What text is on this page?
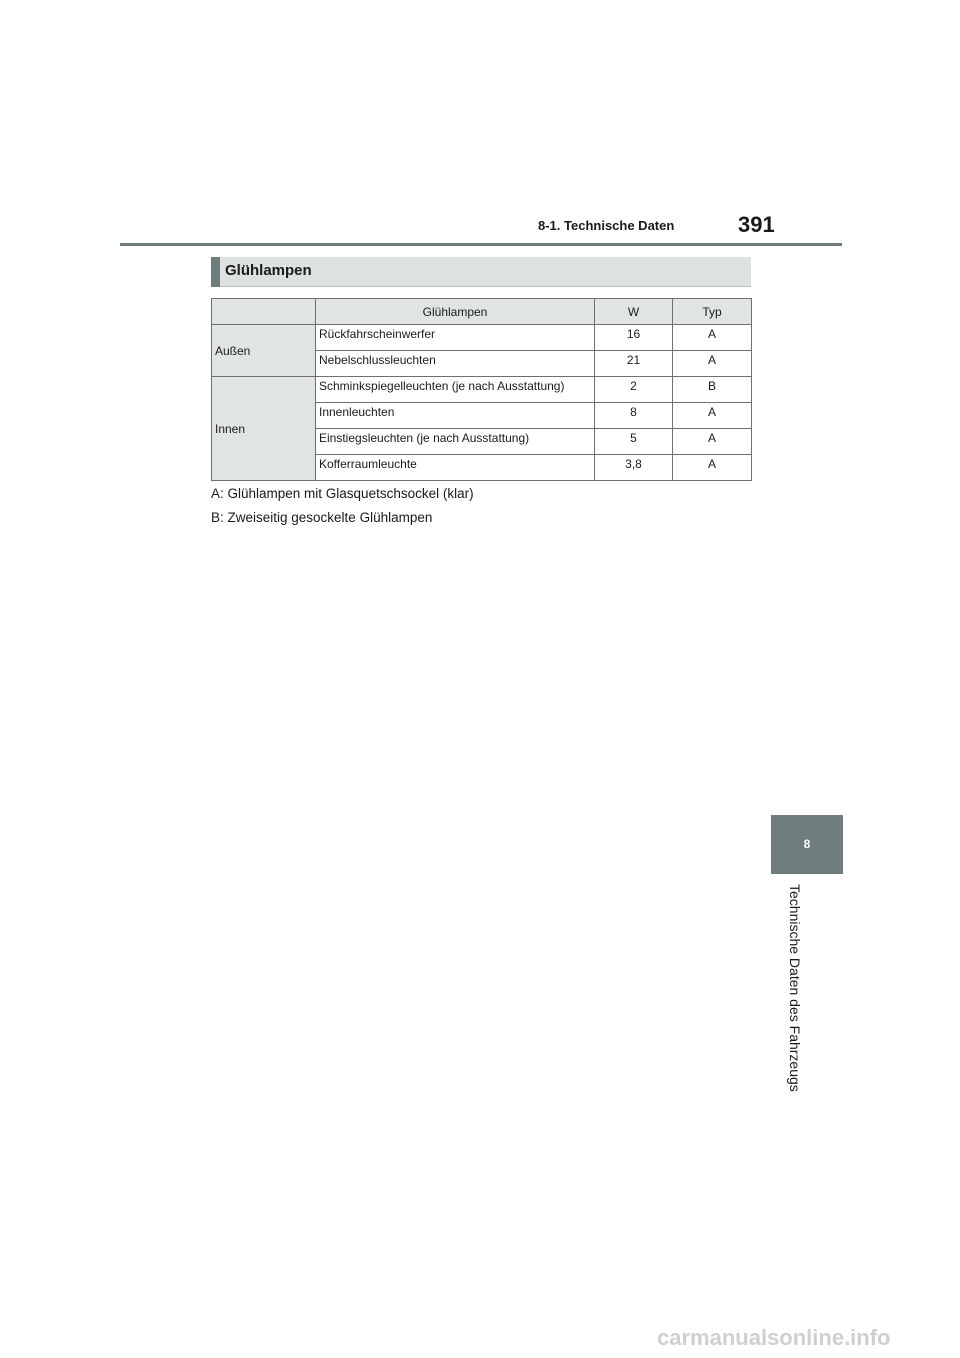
8-1. Technische Daten	391
Glühlampen
	Glühlampen	W	Typ
Außen	Rückfahrscheinwerfer	16	A
	Nebelschlussleuchten	21	A
Innen	Schminkspiegelleuchten (je nach Ausstattung)	2	B
	Innenleuchten	8	A
	Einstiegsleuchten (je nach Ausstattung)	5	A
	Kofferraumleuchte	3,8	A
A: Glühlampen mit Glasquetschsockel (klar)
B: Zweiseitig gesockelte Glühlampen
8
Technische Daten des Fahrzeugs
carmanualsonline.info
